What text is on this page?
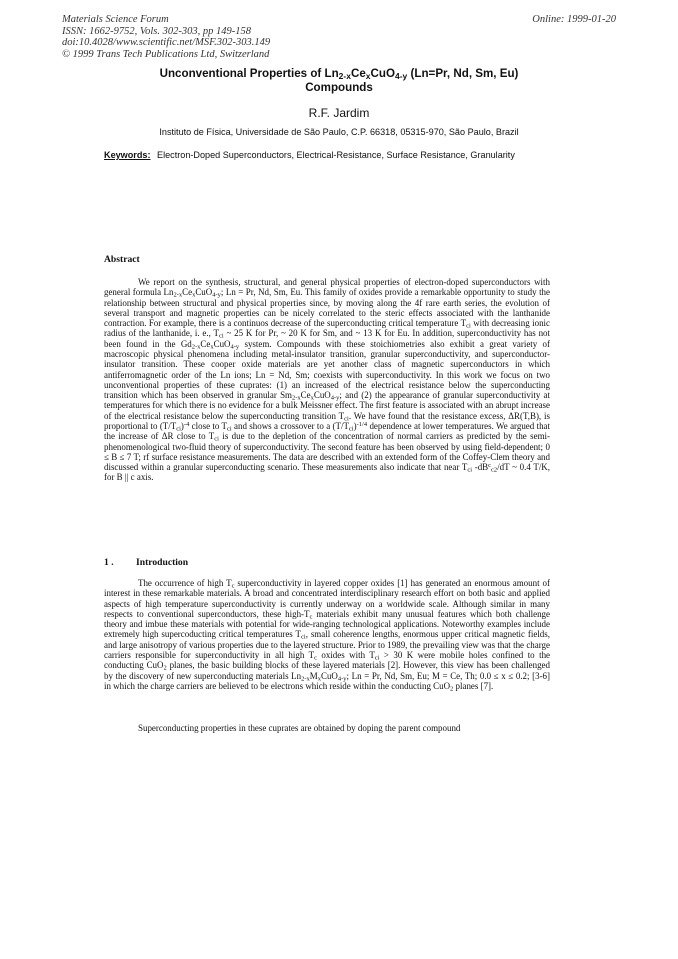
Materials Science Forum
ISSN: 1662-9752, Vols. 302-303, pp 149-158
doi:10.4028/www.scientific.net/MSF.302-303.149
© 1999 Trans Tech Publications Ltd, Switzerland
Online: 1999-01-20
Unconventional Properties of $Ln_{2-x}Ce_xCuO_{4-y}$ (Ln=Pr, Nd, Sm, Eu)
Compounds
R.F. Jardim
Instituto de Física, Universidade de São Paulo, C.P. 66318, 05315-970, São Paulo, Brazil
Keywords: Electron-Doped Superconductors, Electrical-Resistance, Surface Resistance, Granularity
Abstract

We report on the synthesis, structural, and general physical properties of electron-doped superconductors with general formula $Ln_{2-x}Ce_xCuO_{4-y}$; Ln = Pr, Nd, Sm, Eu. This family of oxides provide a remarkable opportunity to study the relationship between structural and physical properties since, by moving along the 4f rare earth series, the evolution of several transport and magnetic properties can be nicely correlated to the steric effects associated with the lanthanide contraction. For example, there is a continuos decrease of the superconducting critical temperature $T_{ci}$ with decreasing ionic radius of the lanthanide, i. e., $T_{ci}$ ~ 25 K for Pr, ~ 20 K for Sm, and ~ 13 K for Eu. In addition, superconductivity has not been found in the $Gd_{2-x}Ce_xCuO_{4-y}$ system. Compounds with these stoichiometries also exhibit a great variety of macroscopic physical phenomena including metal-insulator transition, granular superconductivity, and superconductor-insulator transition. These cooper oxide materials are yet another class of magnetic superconductors in which antiferromagnetic order of the Ln ions; Ln = Nd, Sm; coexists with superconductivity. In this work we focus on two unconventional properties of these cuprates: (1) an increased of the electrical resistance below the superconducting transition which has been observed in granular $Sm_{2-x}Ce_xCuO_{4-y}$; and (2) the appearance of granular superconductivity at temperatures for which there is no evidence for a bulk Meissner effect. The first feature is associated with an abrupt increase of the electrical resistance below the superconducting transition $T_{ci}$. We have found that the resistance excess, ΔR(T,B), is proportional to $(T/T_{ci})^{-4}$ close to $T_{ci}$ and shows a crossover to a $(T/T_{ci})^{-1/4}$ dependence at lower temperatures. We argued that the increase of ΔR close to $T_{ci}$ is due to the depletion of the concentration of normal carriers as predicted by the semi-phenomenological two-fluid theory of superconductivity. The second feature has been observed by using field-dependent; 0 ≤ B ≤ 7 T; rf surface resistance measurements. The data are described with an extended form of the Coffey-Clem theory and discussed within a granular superconducting scenario. These measurements also indicate that near $T_{ci}$ $-dB^c_{c2}/dT$ ~ 0.4 T/K, for B || c axis.

1 . Introduction

The occurrence of high $T_c$ superconductivity in layered copper oxides [1] has generated an enormous amount of interest in these remarkable materials. A broad and concentrated interdisciplinary research effort on both basic and applied aspects of high temperature superconductivity is currently underway on a worldwide scale. Although similar in many respects to conventional superconductors, these high-$T_c$ materials exhibit many unusual features which both challenge theory and imbue these materials with potential for wide-ranging technological applications. Noteworthy examples include extremely high supercoducting critical temperatures $T_{ci}$, small coherence lengths, enormous upper critical magnetic fields, and large anisotropy of various properties due to the layered structure. Prior to 1989, the prevailing view was that the charge carriers responsible for superconductivity in all high $T_c$ oxides with $T_{ci} > 30$ K were mobile holes confined to the conducting CuO$_2$ planes, the basic building blocks of these layered materials [2]. However, this view has been challenged by the discovery of new superconducting materials $Ln_{2-x}M_xCuO_{4-y}$; Ln = Pr, Nd, Sm, Eu; M = Ce, Th; 0.0 ≤ x ≤ 0.2; [3-6] in which the charge carriers are believed to be electrons which reside within the conducting CuO$_2$ planes [7].

Superconducting properties in these cuprates are obtained by doping the parent compound
